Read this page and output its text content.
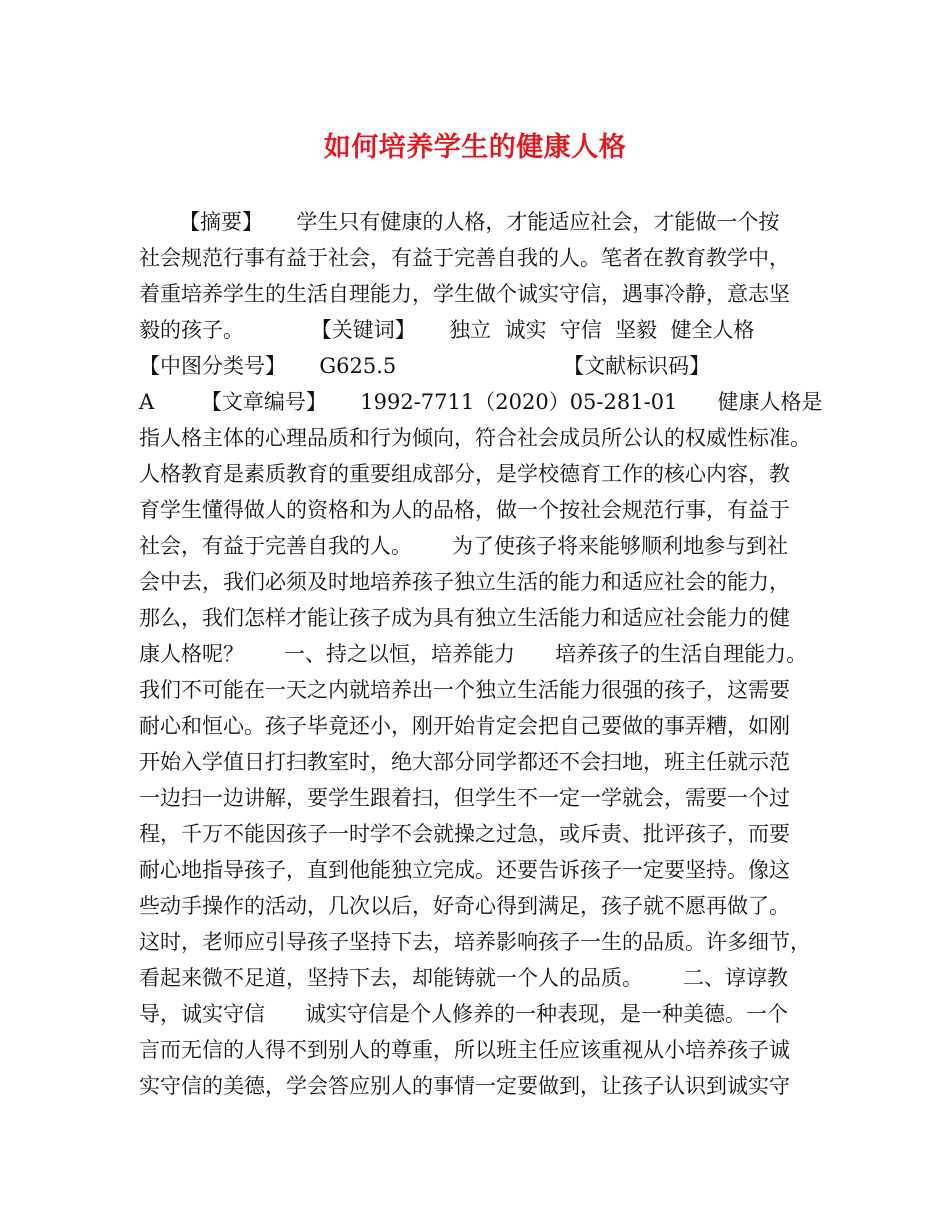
如何培养学生的健康人格
【摘要】     学生只有健康的人格，才能适应社会，才能做一个按
社会规范行事有益于社会，有益于完善自我的人。笔者在教育教学中，
着重培养学生的生活自理能力，学生做个诚实守信，遇事冷静，意志坚
毅的孩子。          【关键词】     独立  诚实  守信  坚毅  健全人格
【中图分类号】     G625.5                         【文献标识码】
A       【文章编号】     1992-7711（2020）05-281-01      健康人格是
指人格主体的心理品质和行为倾向，符合社会成员所公认的权威性标准。
人格教育是素质教育的重要组成部分，是学校德育工作的核心内容，教
育学生懂得做人的资格和为人的品格，做一个按社会规范行事，有益于
社会，有益于完善自我的人。      为了使孩子将来能够顺利地参与到社
会中去，我们必须及时地培养孩子独立生活的能力和适应社会的能力，
那么，我们怎样才能让孩子成为具有独立生活能力和适应社会能力的健
康人格呢？      一、持之以恒，培养能力      培养孩子的生活自理能力。
我们不可能在一天之内就培养出一个独立生活能力很强的孩子，这需要
耐心和恒心。孩子毕竟还小，刚开始肯定会把自己要做的事弄糟，如刚
开始入学值日打扫教室时，绝大部分同学都还不会扫地，班主任就示范
一边扫一边讲解，要学生跟着扫，但学生不一定一学就会，需要一个过
程，千万不能因孩子一时学不会就操之过急，或斥责、批评孩子，而要
耐心地指导孩子，直到他能独立完成。还要告诉孩子一定要坚持。像这
些动手操作的活动，几次以后，好奇心得到满足，孩子就不愿再做了。
这时，老师应引导孩子坚持下去，培养影响孩子一生的品质。许多细节，
看起来微不足道，坚持下去，却能铸就一个人的品质。      二、谆谆教
导，诚实守信      诚实守信是个人修养的一种表现，是一种美德。一个
言而无信的人得不到别人的尊重，所以班主任应该重视从小培养孩子诚
实守信的美德，学会答应别人的事情一定要做到，让孩子认识到诚实守
